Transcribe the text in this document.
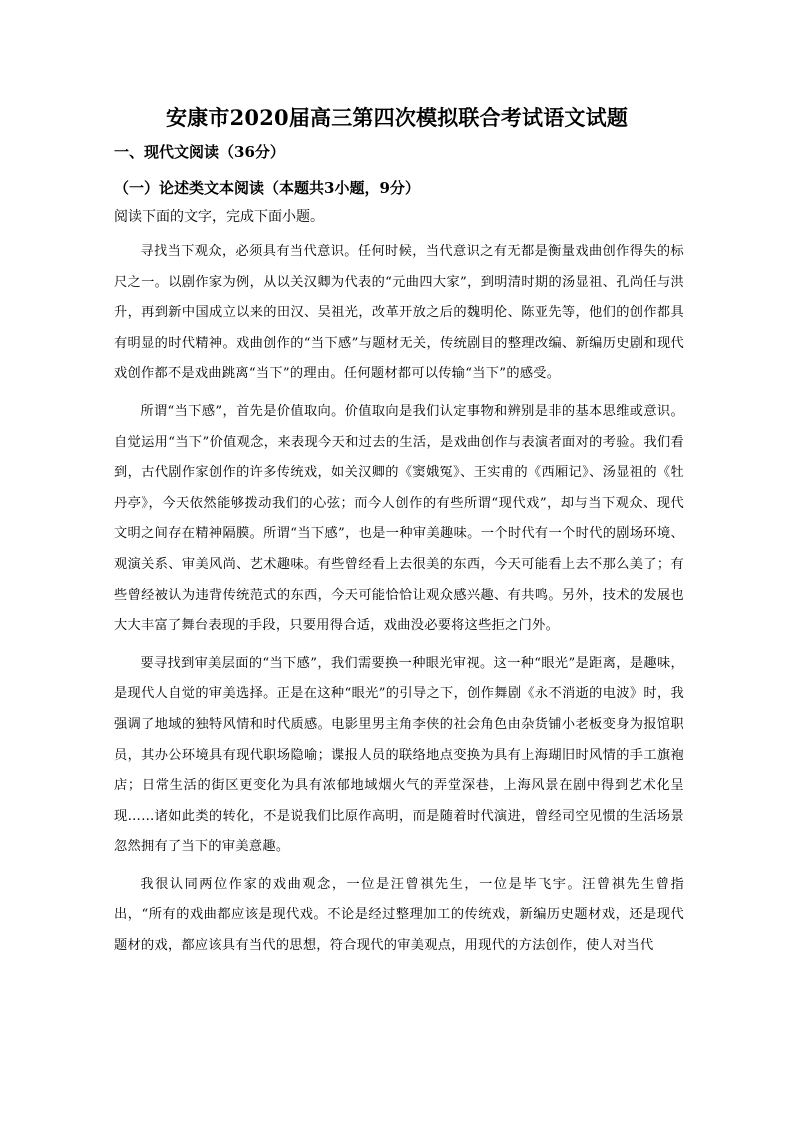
安康市2020届高三第四次模拟联合考试语文试题
一、现代文阅读（36分）
（一）论述类文本阅读（本题共3小题，9分）
阅读下面的文字，完成下面小题。

寻找当下观众，必须具有当代意识。任何时候，当代意识之有无都是衡量戏曲创作得失的标尺之一。以剧作家为例，从以关汉卿为代表的“元曲四大家”，到明清时期的汤显祖、孔尚任与洪升，再到新中国成立以来的田汉、吴祖光，改革开放之后的魏明伦、陈亚先等，他们的创作都具有明显的时代精神。戏曲创作的“当下感”与题材无关，传统剧目的整理改编、新编历史剧和现代戏创作都不是戏曲跳离“当下”的理由。任何题材都可以传输“当下”的感受。

所谓“当下感”，首先是价值取向。价值取向是我们认定事物和辨别是非的基本思维或意识。自觉运用“当下”价值观念，来表现今天和过去的生活，是戏曲创作与表演者面对的考验。我们看到，古代剧作家创作的许多传统戏，如关汉卿的《窦娥冤》、王实甫的《西厢记》、汤显祖的《牡丹亭》，今天依然能够拨动我们的心弦；而今人创作的有些所谓“现代戏”，却与当下观众、现代文明之间存在精神隔膜。所谓“当下感”，也是一种审美趣味。一个时代有一个时代的剧场环境、观演关系、审美风尚、艺术趣味。有些曾经看上去很美的东西，今天可能看上去不那么美了；有些曾经被认为违背传统范式的东西，今天可能恰恰让观众感兴趣、有共鸣。另外，技术的发展也大大丰富了舞台表现的手段，只要用得合适，戏曲没必要将这些拒之门外。

要寻找到审美层面的“当下感”，我们需要换一种眼光审视。这一种“眼光”是距离，是趣味，是现代人自觉的审美选择。正是在这种“眼光”的引导之下，创作舞剧《永不消逝的电波》时，我强调了地域的独特风情和时代质感。电影里男主角李侠的社会角色由杂货铺小老板变身为报馆职员，其办公环境具有现代职场隐喻；谍报人员的联络地点变换为具有上海瑚旧时风情的手工旗袍店；日常生活的街区更变化为具有浓郁地域烟火气的弄堂深巷，上海风景在剧中得到艺术化呈现……诸如此类的转化，不是说我们比原作高明，而是随着时代演进，曾经司空见惯的生活场景忽然拥有了当下的审美意趣。

我很认同两位作家的戏曲观念，一位是汪曾祺先生，一位是毕飞宇。汪曾祺先生曾指出，“所有的戏曲都应该是现代戏。不论是经过整理加工的传统戏，新编历史题材戏，还是现代题材的戏，都应该具有当代的思想，符合现代的审美观点，用现代的方法创作，使人对当代
